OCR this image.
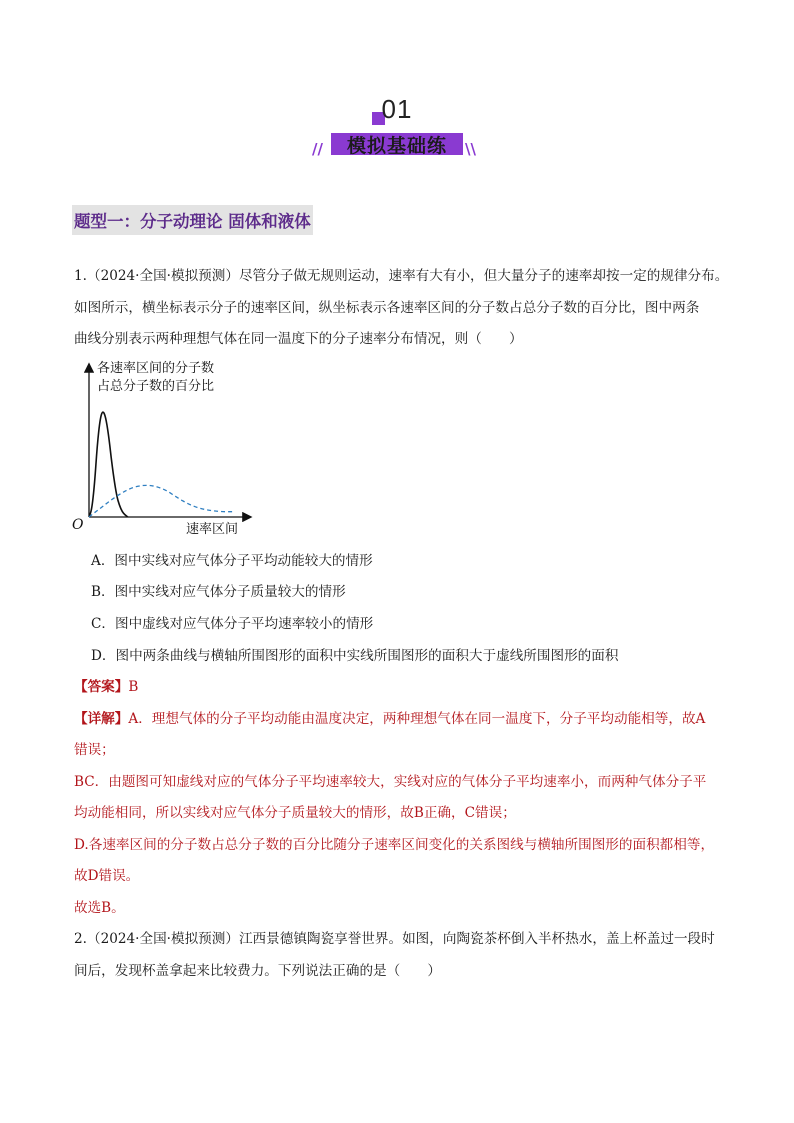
01
模拟基础练
//	\\
题型一：分子动理论 固体和液体
1.（2024·全国·模拟预测）尽管分子做无规则运动，速率有大有小，但大量分子的速率却按一定的规律分布。
如图所示，横坐标表示分子的速率区间，纵坐标表示各速率区间的分子数占总分子数的百分比，图中两条
曲线分别表示两种理想气体在同一温度下的分子速率分布情况，则（　　）
各速率区间的分子数
占总分子数的百分比
速率区间
O
A．图中实线对应气体分子平均动能较大的情形
B．图中实线对应气体分子质量较大的情形
C．图中虚线对应气体分子平均速率较小的情形
D．图中两条曲线与横轴所围图形的面积中实线所围图形的面积大于虚线所围图形的面积
【答案】B
【详解】A．理想气体的分子平均动能由温度决定，两种理想气体在同一温度下，分子平均动能相等，故A
错误；
BC．由题图可知虚线对应的气体分子平均速率较大，实线对应的气体分子平均速率小，而两种气体分子平
均动能相同，所以实线对应气体分子质量较大的情形，故B正确，C错误；
D.各速率区间的分子数占总分子数的百分比随分子速率区间变化的关系图线与横轴所围图形的面积都相等，
故D错误。
故选B。
2.（2024·全国·模拟预测）江西景德镇陶瓷享誉世界。如图，向陶瓷茶杯倒入半杯热水，盖上杯盖过一段时
间后，发现杯盖拿起来比较费力。下列说法正确的是（　　）
